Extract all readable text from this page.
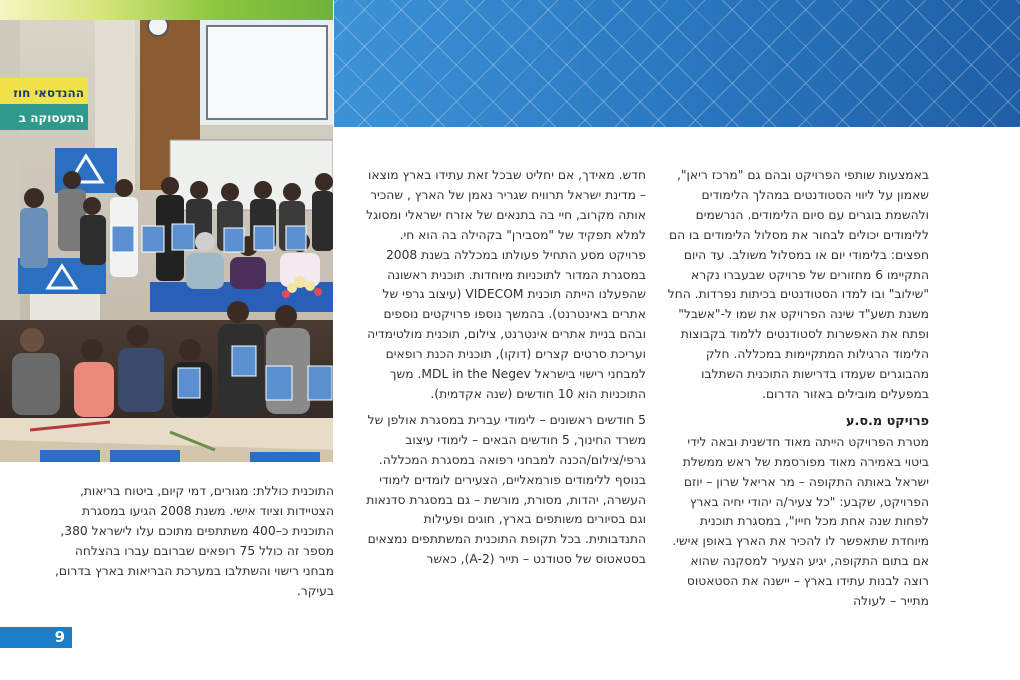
ההנדסאי חוז
התעסוקה ב

באמצעות שותפי הפרויקט ובהם גם "מרכז ריאן", שאמון על ליווי הסטודנטים במהלך הלימודים ולהשמת בוגרים עם סיום הלימודים. הנרשמים ללימודים יכולים לבחור את מסלול הלימודים בו הם חפצים: בלימודי יום או במסלול משולב. עד היום התקיימו 6 מחזורים של פרויקט שבעברו נקרא "שילוב" ובו למדו הסטודנטים בכיתות נפרדות. החל משנת תשע"ד שינה הפרויקט את שמו ל-"אשבל" ופתח את האפשרות לסטודנטים ללמוד בקבוצות הלימוד הרגילות המתקיימות במכללה. חלק מהבוגרים שעמדו בדרישות התוכנית השתלבו במפעלים מובילים באזור הדרום.

פרויקט מ.ס.ע

מטרת הפרויקט הייתה מאוד חדשנית ובאה לידי ביטוי באמירה מאוד מפורסמת של ראש ממשלת ישראל באותה התקופה – מר אריאל שרון – יוזם הפרויקט, שקבע: "כל צעיר/ה יהודי יחיה בארץ לפחות שנה אחת מכל חייו", במסגרת תוכנית מיוחדת שתאפשר לו להכיר את הארץ באופן אישי. אם בתום התקופה, יגיע הצעיר למסקנה שהוא רוצה לבנות עתידו בארץ – יישנה את הסטאטוס מתייר – לעולה

חדש. מאידך, אם יחליט שבכל זאת עתידו בארץ מוצאו – מדינת ישראל תרוויח שגריר נאמן של הארץ , שהכיר אותה מקרוב, חיי בה בתנאים של אזרח ישראלי ומסוגל למלא תפקיד של "מסבירן" בקהילה בה הוא חי. פרויקט מסע התחיל פעולתו במכללה בשנת 2008 במסגרת המדור לתוכניות מיוחדות. תוכנית ראשונה שהפעלנו הייתה תוכנית VIDECOM (עיצוב גרפי של אתרים באינטרנט). בהמשך נוספו פרויקטים נוספים ובהם בניית אתרים אינטרנט, צילום, תוכנית מולטימדיה ועריכת סרטים קצרים (דוקו), תוכנית הכנת רופאים למבחני רישוי בישראל MDL in the Negev. משך התוכניות הוא 10 חודשים (שנה אקדמית).

5 חודשים ראשונים – לימודי עברית במסגרת אולפן של משרד החינוך, 5 חודשים הבאים – לימודי עיצוב גרפי/צילום/הכנה למבחני רפואה במסגרת המכללה. בנוסף ללימודים פורמאליים, הצעירים לומדים לימודי העשרה, יהדות, מסורת, מורשת – גם במסגרת סדנאות וגם בסיורים משותפים בארץ, חוגים ופעילות התנדבותית. בכל תקופת התוכנית המשתתפים נמצאים בסטאטוס של סטודנט – תייר (A-2), כאשר

התוכנית כוללת: מגורים, דמי קיום, ביטוח בריאות, הצטיידות וציוד אישי. משנת 2008 הגיעו במסגרת התוכנית כ–400 משתתפים מתוכם עלו לישראל 380, מספר זה כולל 75 רופאים שברובם עברו בהצלחה מבחני רישוי והשתלבו במערכת הבריאות בארץ בדרום, בעיקר.

9
